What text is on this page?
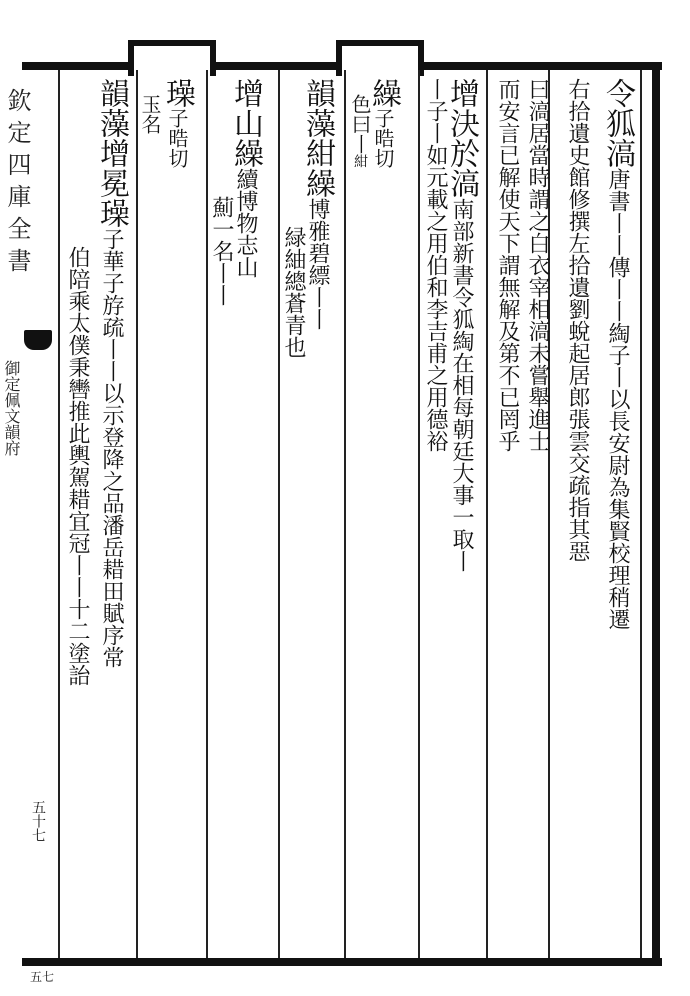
欽定四庫全書
御定佩文韻府
五十七
五七
令狐滈唐書丨丨傳丨丨綯子丨以長安尉為集賢校理稍遷
右拾遺史館修撰左拾遺劉蛻起居郎張雲交疏指其惡
曰滈居當時謂之白衣宰相滈未嘗舉進士
而安言已解使天下謂無解及第不已罔乎
增決於滈南部新書令狐綯在相每朝廷大事一取丨
丨子丨如元載之用伯和李吉甫之用德裕
繰子晧切
色曰丨紺
韻藻紺繰博雅碧縹丨丨
緑紬總蒼青也
增山繰續博物志山
薊一名丨丨
璪子晧切
玉名
韻藻增冕璪子華子斿疏丨丨以示登降之品潘岳耤田賦序常
伯陪乘太僕秉轡推此輿駕耤宜冠丨丨十二塗詒
